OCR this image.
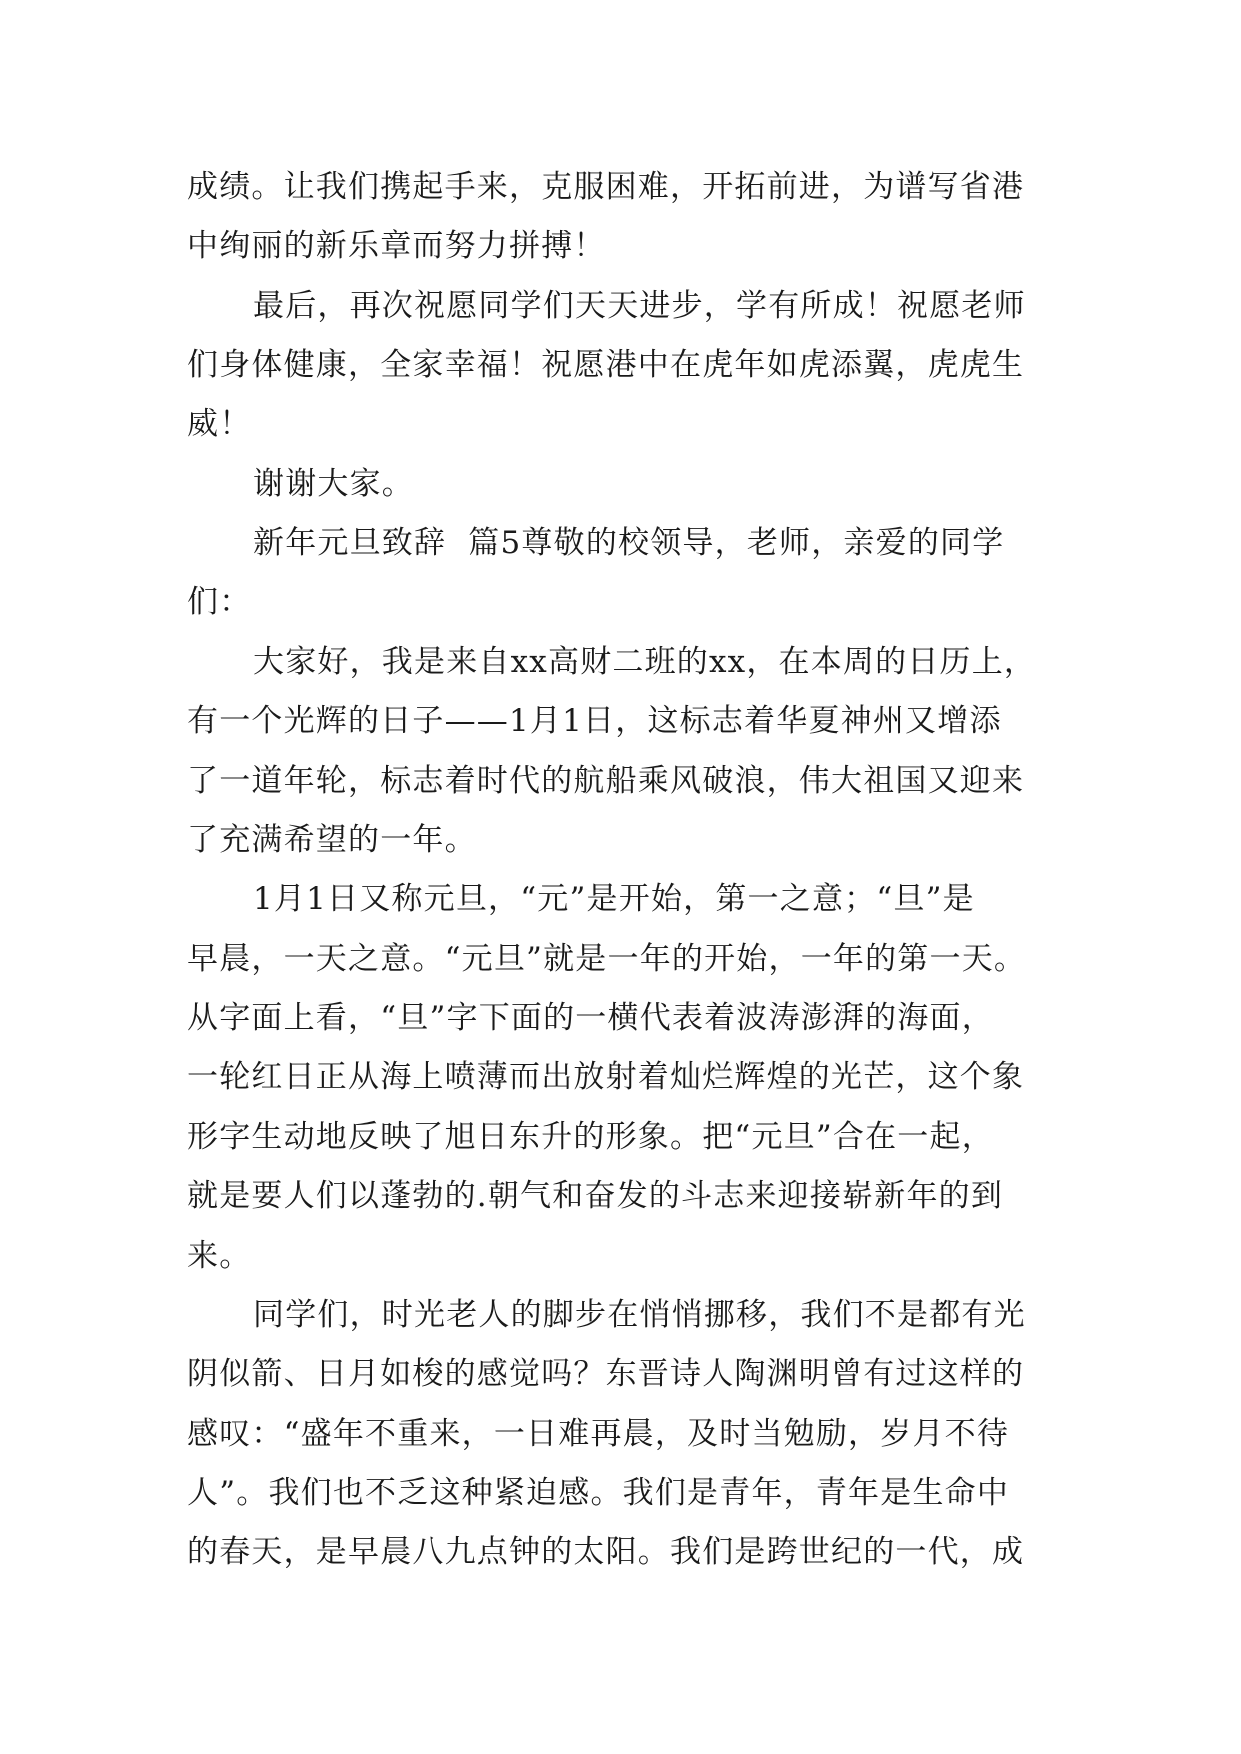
成绩。让我们携起手来，克服困难，开拓前进，为谱写省港

中绚丽的新乐章而努力拼搏！

最后，再次祝愿同学们天天进步，学有所成！祝愿老师

们身体健康，全家幸福！祝愿港中在虎年如虎添翼，虎虎生

威！

谢谢大家。

新年元旦致辞  篇5尊敬的校领导，老师，亲爱的同学

们：

大家好，我是来自xx高财二班的xx，在本周的日历上，

有一个光辉的日子——1月1日，这标志着华夏神州又增添

了一道年轮，标志着时代的航船乘风破浪，伟大祖国又迎来

了充满希望的一年。

1月1日又称元旦，“元”是开始，第一之意；“旦”是

早晨，一天之意。“元旦”就是一年的开始，一年的第一天。

从字面上看，“旦”字下面的一横代表着波涛澎湃的海面，

一轮红日正从海上喷薄而出放射着灿烂辉煌的光芒，这个象

形字生动地反映了旭日东升的形象。把“元旦”合在一起，

就是要人们以蓬勃的.朝气和奋发的斗志来迎接崭新年的到

来。

同学们，时光老人的脚步在悄悄挪移，我们不是都有光

阴似箭、日月如梭的感觉吗？东晋诗人陶渊明曾有过这样的

感叹：“盛年不重来，一日难再晨，及时当勉励，岁月不待

人”。我们也不乏这种紧迫感。我们是青年，青年是生命中

的春天，是早晨八九点钟的太阳。我们是跨世纪的一代，成
